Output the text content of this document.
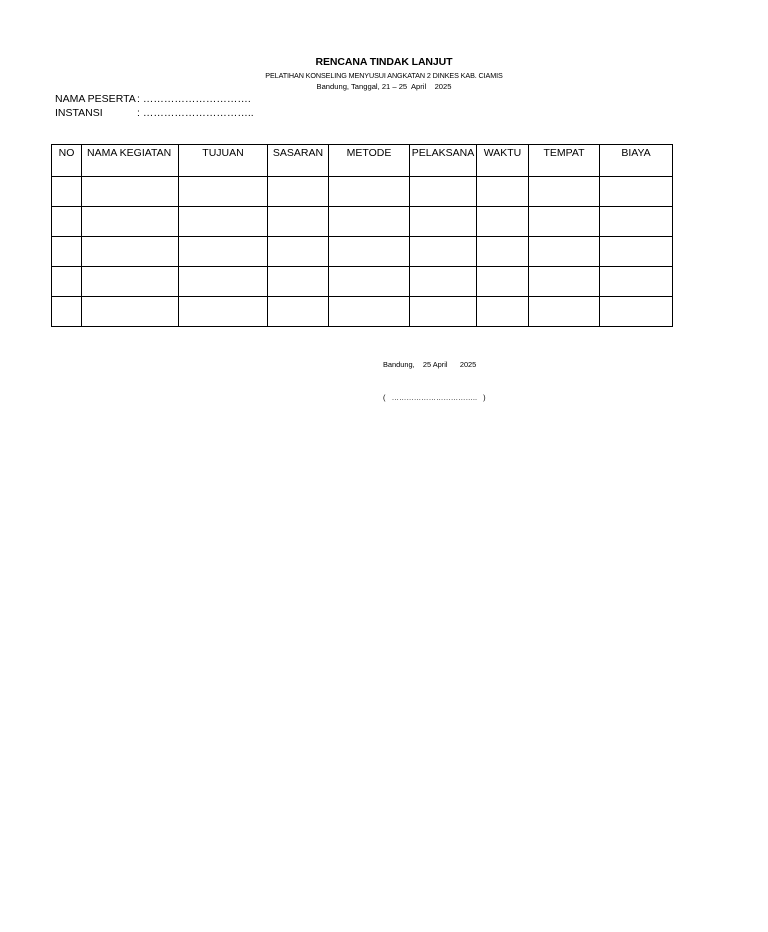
RENCANA TINDAK LANJUT
PELATIHAN KONSELING MENYUSUI ANGKATAN 2 DINKES KAB. CIAMIS
Bandung, Tanggal, 21 – 25  April    2025
NAMA PESERTA: ………………………….
INSTANSI	: …………………………..
NO	NAMA KEGIATAN	TUJUAN	SASARAN	METODE	PELAKSANA	WAKTU	TEMPAT	BIAYA

Bandung,    25 April      2025
(   ……………………………..   )
